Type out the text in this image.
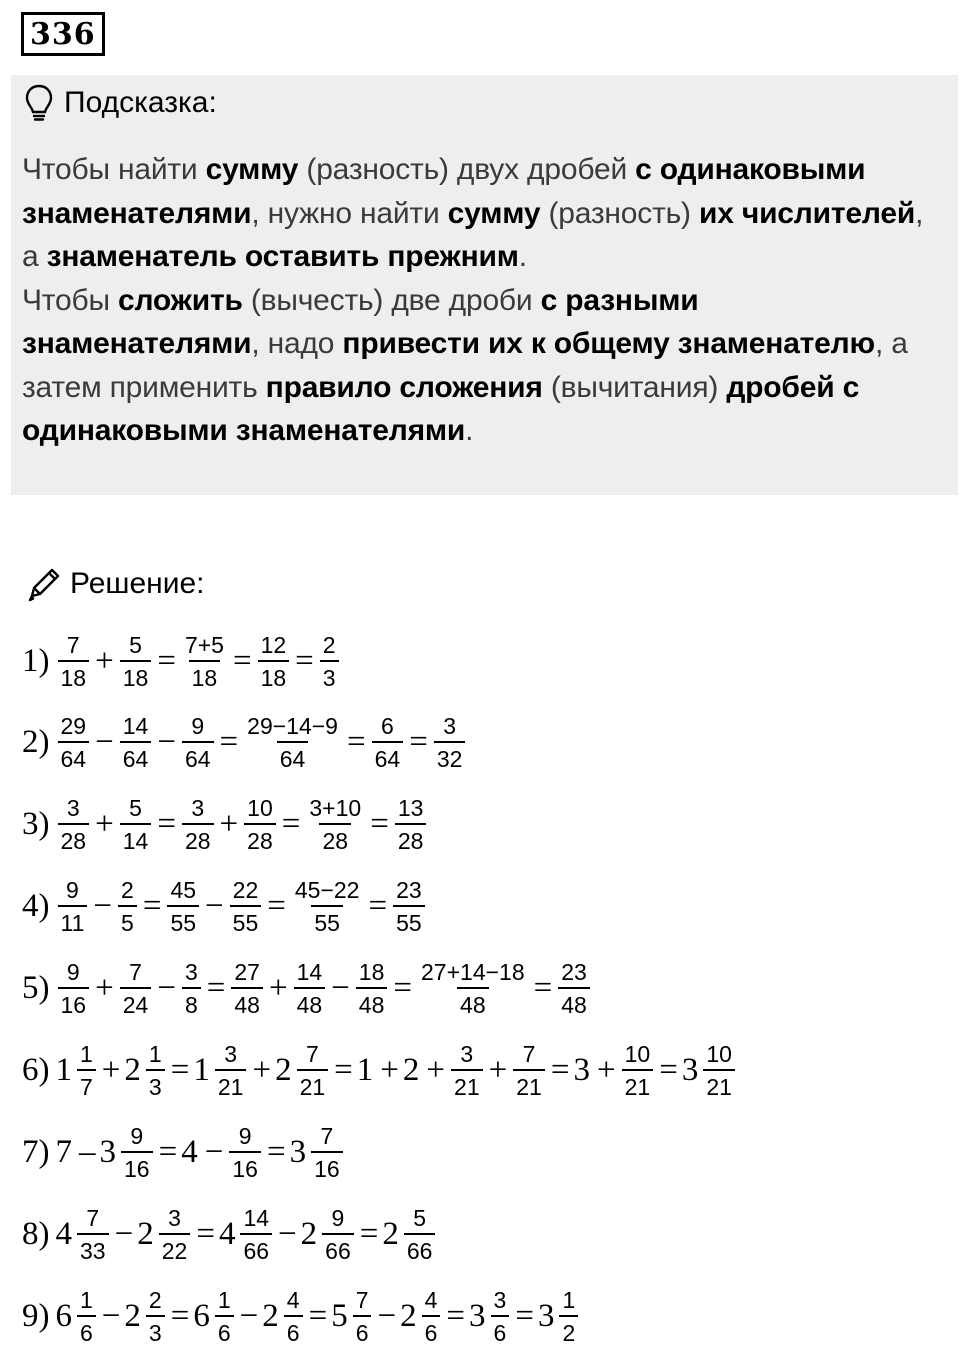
336
Подсказка:
Чтобы найти сумму (разность) двух дробей с одинаковыми знаменателями, нужно найти сумму (разность) их числителей, а знаменатель оставить прежним.
Чтобы сложить (вычесть) две дроби с разными знаменателями, надо привести их к общему знаменателю, а затем применить правило сложения (вычитания) дробей с одинаковыми знаменателями.
Решение:
$1) \frac{7}{18} + \frac{5}{18} = \frac{7+5}{18} = \frac{12}{18} = \frac{2}{3}$
$2) \frac{29}{64} - \frac{14}{64} - \frac{9}{64} = \frac{29-14-9}{64} = \frac{6}{64} = \frac{3}{32}$
$3) \frac{3}{28} + \frac{5}{14} = \frac{3}{28} + \frac{10}{28} = \frac{3+10}{28} = \frac{13}{28}$
$4) \frac{9}{11} - \frac{2}{5} = \frac{45}{55} - \frac{22}{55} = \frac{45-22}{55} = \frac{23}{55}$
$5) \frac{9}{16} + \frac{7}{24} - \frac{3}{8} = \frac{27}{48} + \frac{14}{48} - \frac{18}{48} = \frac{27+14-18}{48} = \frac{23}{48}$
6) $1 \frac{1}{7} + 2 \frac{1}{3} = 1 \frac{3}{21} + 2 \frac{7}{21} = 1 + 2 + \frac{3}{21} + \frac{7}{21} = 3 + \frac{10}{21} = 3 \frac{10}{21}$
7) $7 - 3 \frac{9}{16} = 4 - \frac{9}{16} = 3 \frac{7}{16}$
8) $4 \frac{7}{33} - 2 \frac{3}{22} = 4 \frac{14}{66} - 2 \frac{9}{66} = 2 \frac{5}{66}$
9) $6 \frac{1}{6} - 2 \frac{2}{3} = 6 \frac{1}{6} - 2 \frac{4}{6} = 5 \frac{7}{6} - 2 \frac{4}{6} = 3 \frac{3}{6} = 3 \frac{1}{2}$
